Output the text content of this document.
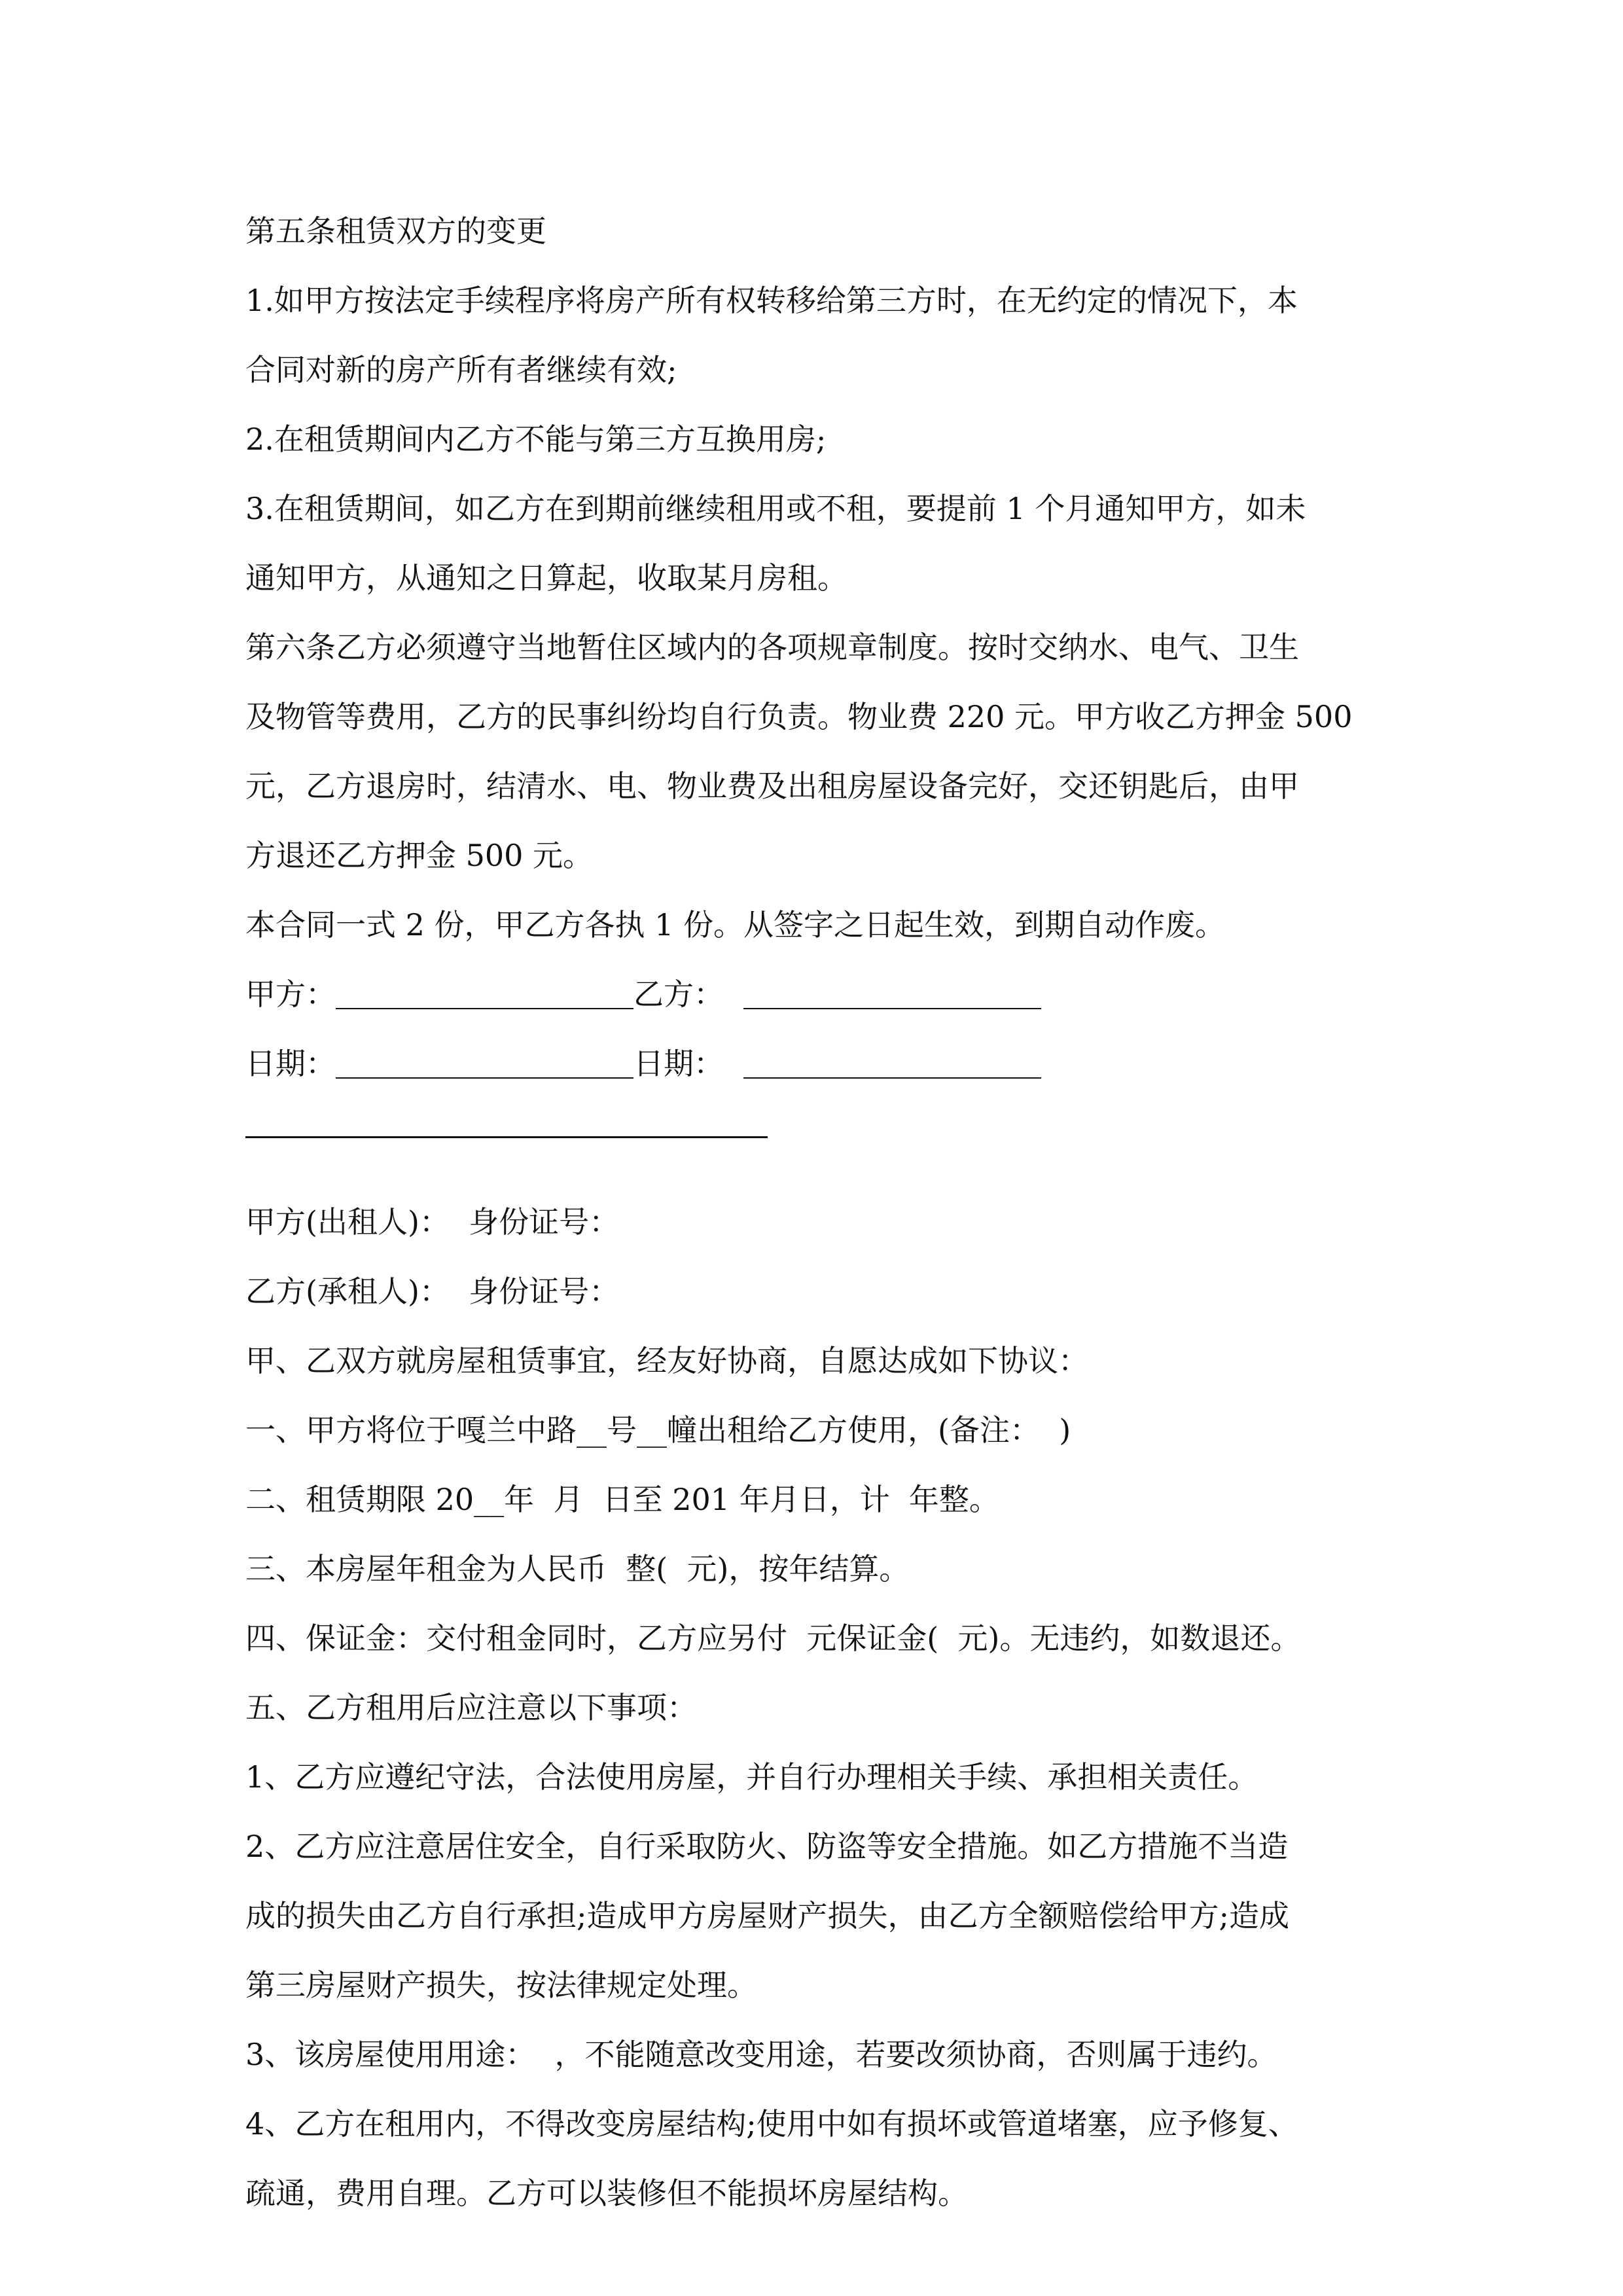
第五条租赁双方的变更
1.如甲方按法定手续程序将房产所有权转移给第三方时，在无约定的情况下，本
合同对新的房产所有者继续有效;
2.在租赁期间内乙方不能与第三方互换用房;
3.在租赁期间，如乙方在到期前继续租用或不租，要提前 1 个月通知甲方，如未
通知甲方，从通知之日算起，收取某月房租。
第六条乙方必须遵守当地暂住区域内的各项规章制度。按时交纳水、电气、卫生
及物管等费用，乙方的民事纠纷均自行负责。物业费 220 元。甲方收乙方押金 500
元，乙方退房时，结清水、电、物业费及出租房屋设备完好，交还钥匙后，由甲
方退还乙方押金 500 元。
本合同一式 2 份，甲乙方各执 1 份。从签字之日起生效，到期自动作废。
甲方：	乙方：
日期：	日期：
甲方(出租人)：  身份证号：
乙方(承租人)：  身份证号：
甲、乙双方就房屋租赁事宜，经友好协商，自愿达成如下协议：
一、甲方将位于嘎兰中路__号__幢出租给乙方使用，(备注：  )
二、租赁期限 20__年  月  日至 201 年月日，计  年整。
三、本房屋年租金为人民币  整(  元)，按年结算。
四、保证金：交付租金同时，乙方应另付  元保证金(  元)。无违约，如数退还。
五、乙方租用后应注意以下事项：
1、乙方应遵纪守法，合法使用房屋，并自行办理相关手续、承担相关责任。
2、乙方应注意居住安全，自行采取防火、防盗等安全措施。如乙方措施不当造
成的损失由乙方自行承担;造成甲方房屋财产损失，由乙方全额赔偿给甲方;造成
第三房屋财产损失，按法律规定处理。
3、该房屋使用用途：  ，不能随意改变用途，若要改须协商，否则属于违约。
4、乙方在租用内，不得改变房屋结构;使用中如有损坏或管道堵塞，应予修复、
疏通，费用自理。乙方可以装修但不能损坏房屋结构。
